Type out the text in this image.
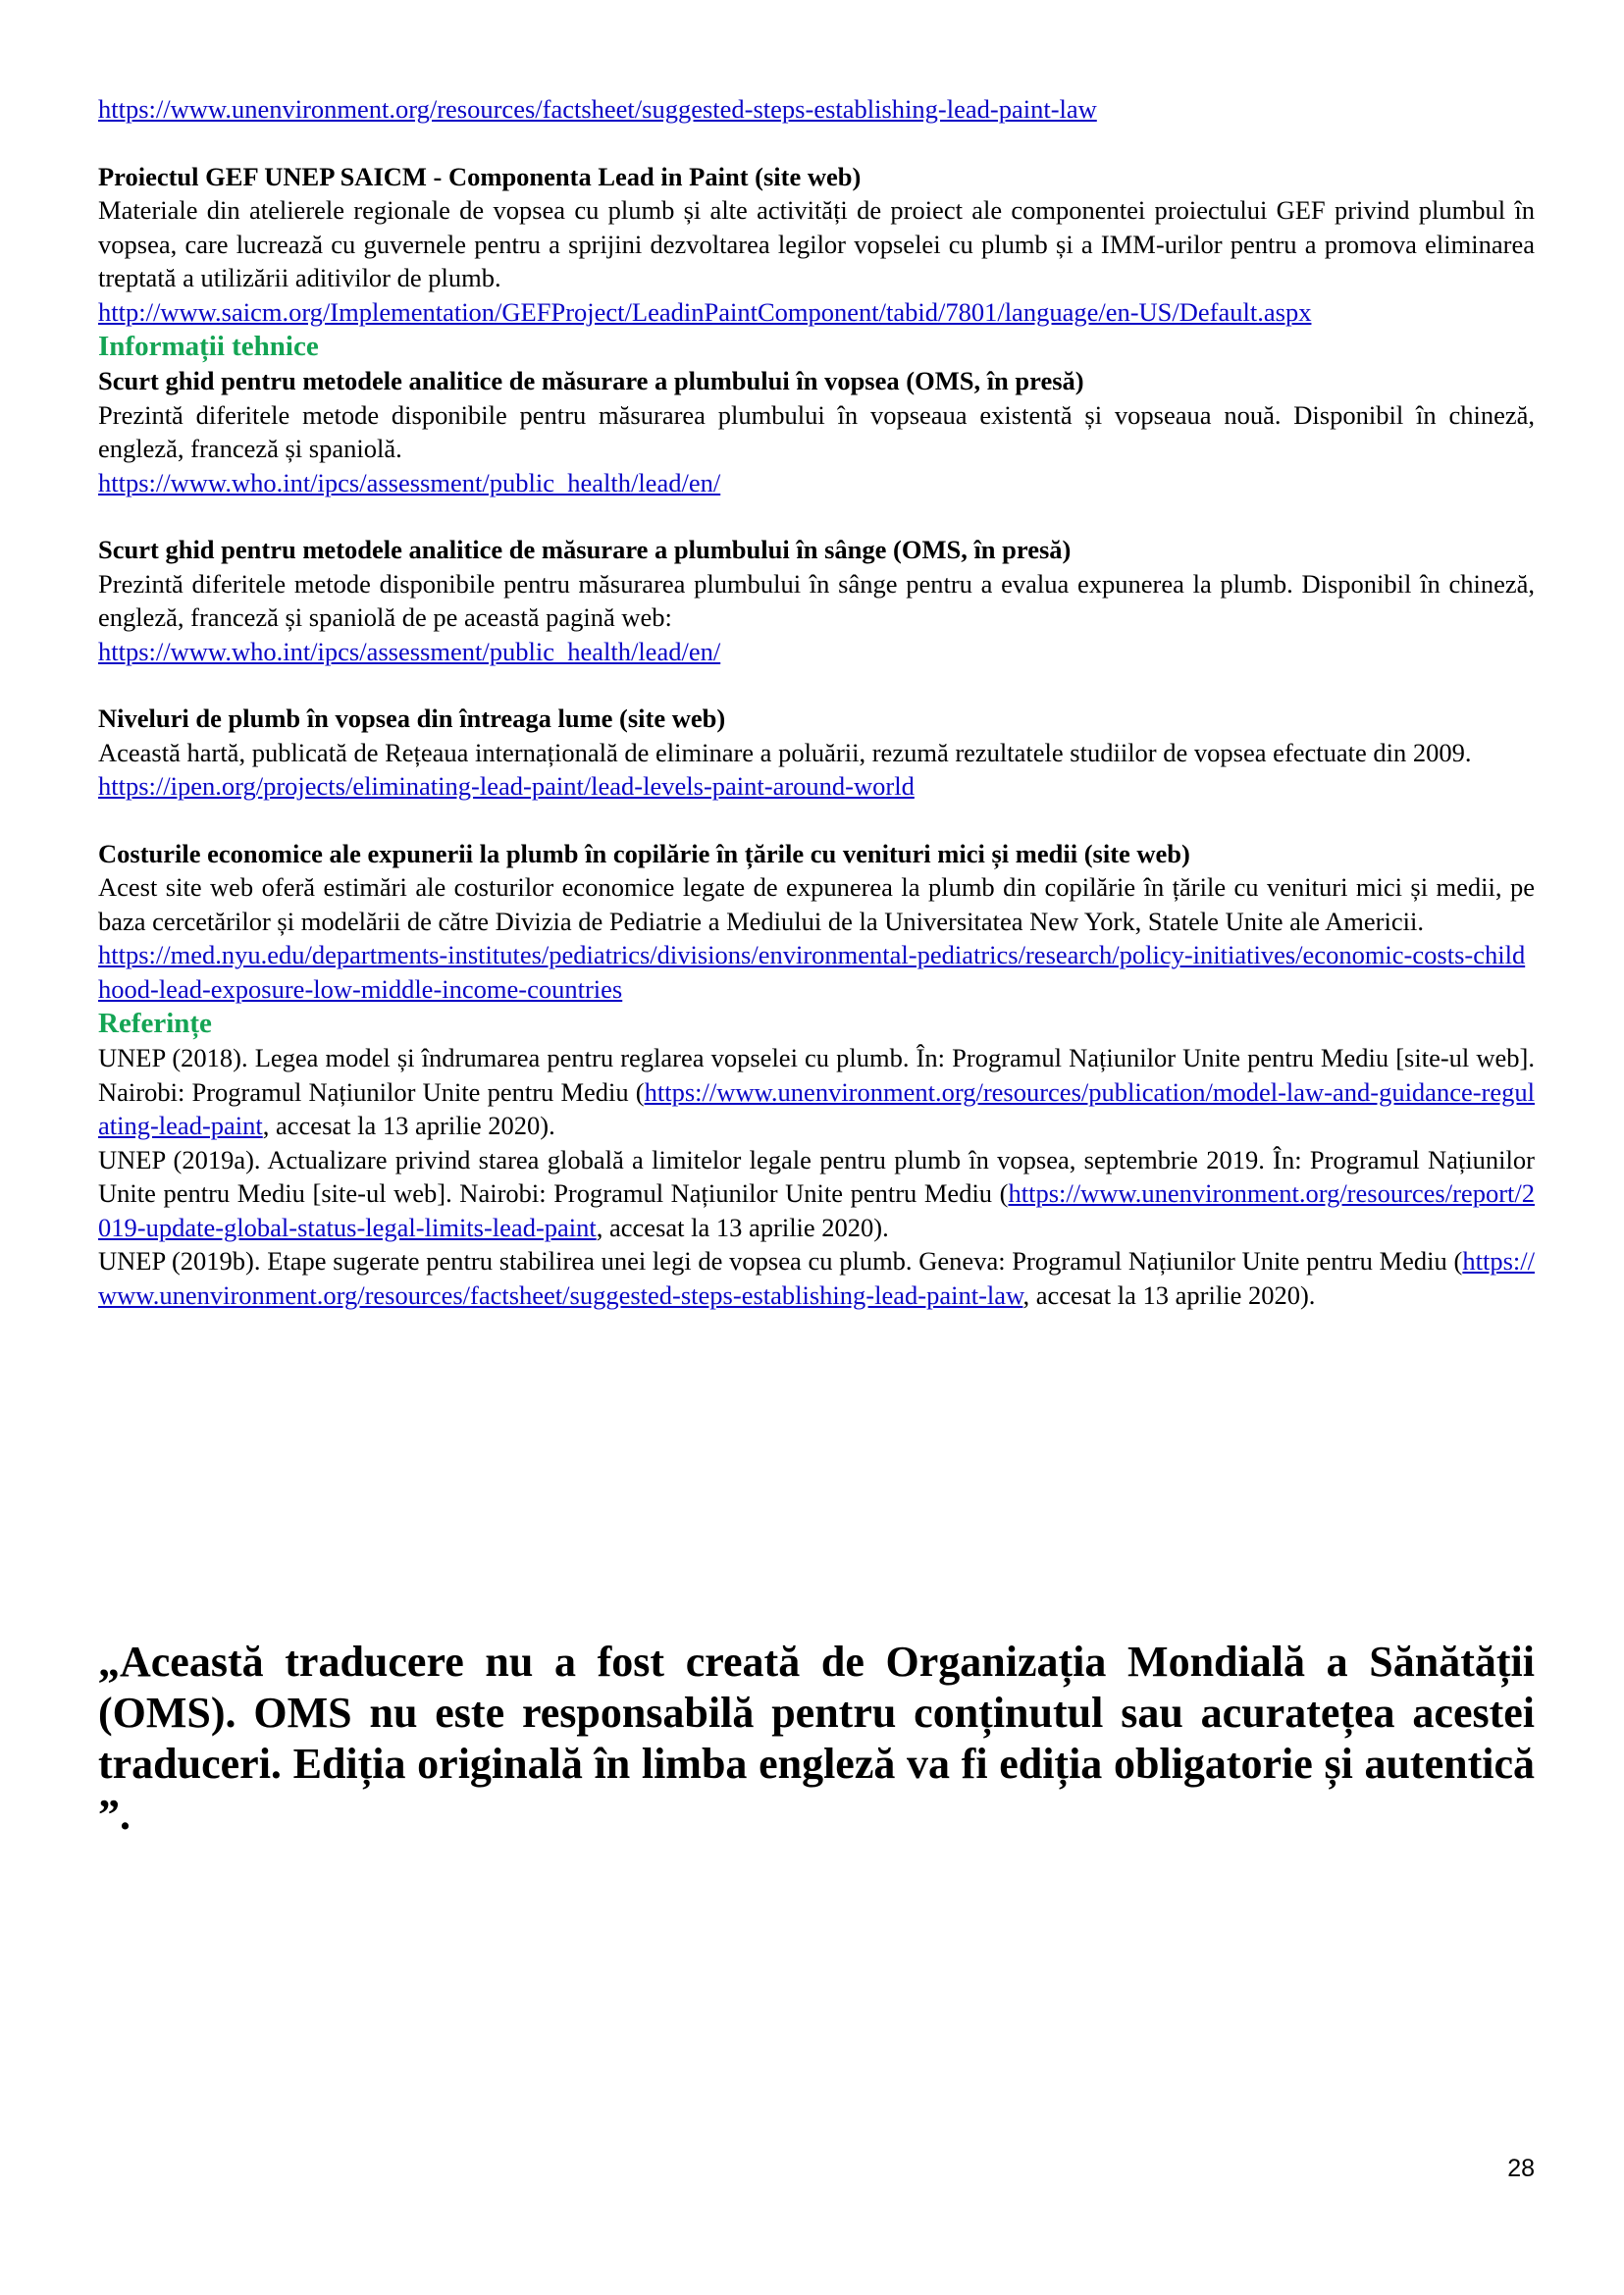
https://www.unenvironment.org/resources/factsheet/suggested-steps-establishing-lead-paint-law

Proiectul GEF UNEP SAICM - Componenta Lead in Paint (site web)

Materiale din atelierele regionale de vopsea cu plumb și alte activități de proiect ale componentei proiectului GEF privind plumbul în vopsea, care lucrează cu guvernele pentru a sprijini dezvoltarea legilor vopselei cu plumb și a IMM-urilor pentru a promova eliminarea treptată a utilizării aditivilor de plumb.

http://www.saicm.org/Implementation/GEFProject/LeadinPaintComponent/tabid/7801/language/en-US/Default.aspx

Informații tehnice

Scurt ghid pentru metodele analitice de măsurare a plumbului în vopsea (OMS, în presă)

Prezintă diferitele metode disponibile pentru măsurarea plumbului în vopseaua existentă și vopseaua nouă. Disponibil în chineză, engleză, franceză și spaniolă.

https://www.who.int/ipcs/assessment/public_health/lead/en/

Scurt ghid pentru metodele analitice de măsurare a plumbului în sânge (OMS, în presă)

Prezintă diferitele metode disponibile pentru măsurarea plumbului în sânge pentru a evalua expunerea la plumb. Disponibil în chineză, engleză, franceză și spaniolă de pe această pagină web:

https://www.who.int/ipcs/assessment/public_health/lead/en/

Niveluri de plumb în vopsea din întreaga lume (site web)

Această hartă, publicată de Rețeaua internațională de eliminare a poluării, rezumă rezultatele studiilor de vopsea efectuate din 2009.

https://ipen.org/projects/eliminating-lead-paint/lead-levels-paint-around-world

Costurile economice ale expunerii la plumb în copilărie în țările cu venituri mici și medii (site web)

Acest site web oferă estimări ale costurilor economice legate de expunerea la plumb din copilărie în țările cu venituri mici și medii, pe baza cercetărilor și modelării de către Divizia de Pediatrie a Mediului de la Universitatea New York, Statele Unite ale Americii.

https://med.nyu.edu/departments-institutes/pediatrics/divisions/environmental-pediatrics/research/policy-initiatives/economic-costs-childhood-lead-exposure-low-middle-income-countries

Referințe

UNEP (2018). Legea model și îndrumarea pentru reglarea vopselei cu plumb. În: Programul Națiunilor Unite pentru Mediu [site-ul web]. Nairobi: Programul Națiunilor Unite pentru Mediu (https://www.unenvironment.org/resources/publication/model-law-and-guidance-regulating-lead-paint, accesat la 13 aprilie 2020).

UNEP (2019a). Actualizare privind starea globală a limitelor legale pentru plumb în vopsea, septembrie 2019. În: Programul Națiunilor Unite pentru Mediu [site-ul web]. Nairobi: Programul Națiunilor Unite pentru Mediu (https://www.unenvironment.org/resources/report/2019-update-global-status-legal-limits-lead-paint, accesat la 13 aprilie 2020).

UNEP (2019b). Etape sugerate pentru stabilirea unei legi de vopsea cu plumb. Geneva: Programul Națiunilor Unite pentru Mediu (https://www.unenvironment.org/resources/factsheet/suggested-steps-establishing-lead-paint-law, accesat la 13 aprilie 2020).

„Această traducere nu a fost creată de Organizația Mondială a Sănătății (OMS). OMS nu este responsabilă pentru conținutul sau acuratețea acestei traduceri. Ediția originală în limba engleză va fi ediția obligatorie și autentică ”.

28
